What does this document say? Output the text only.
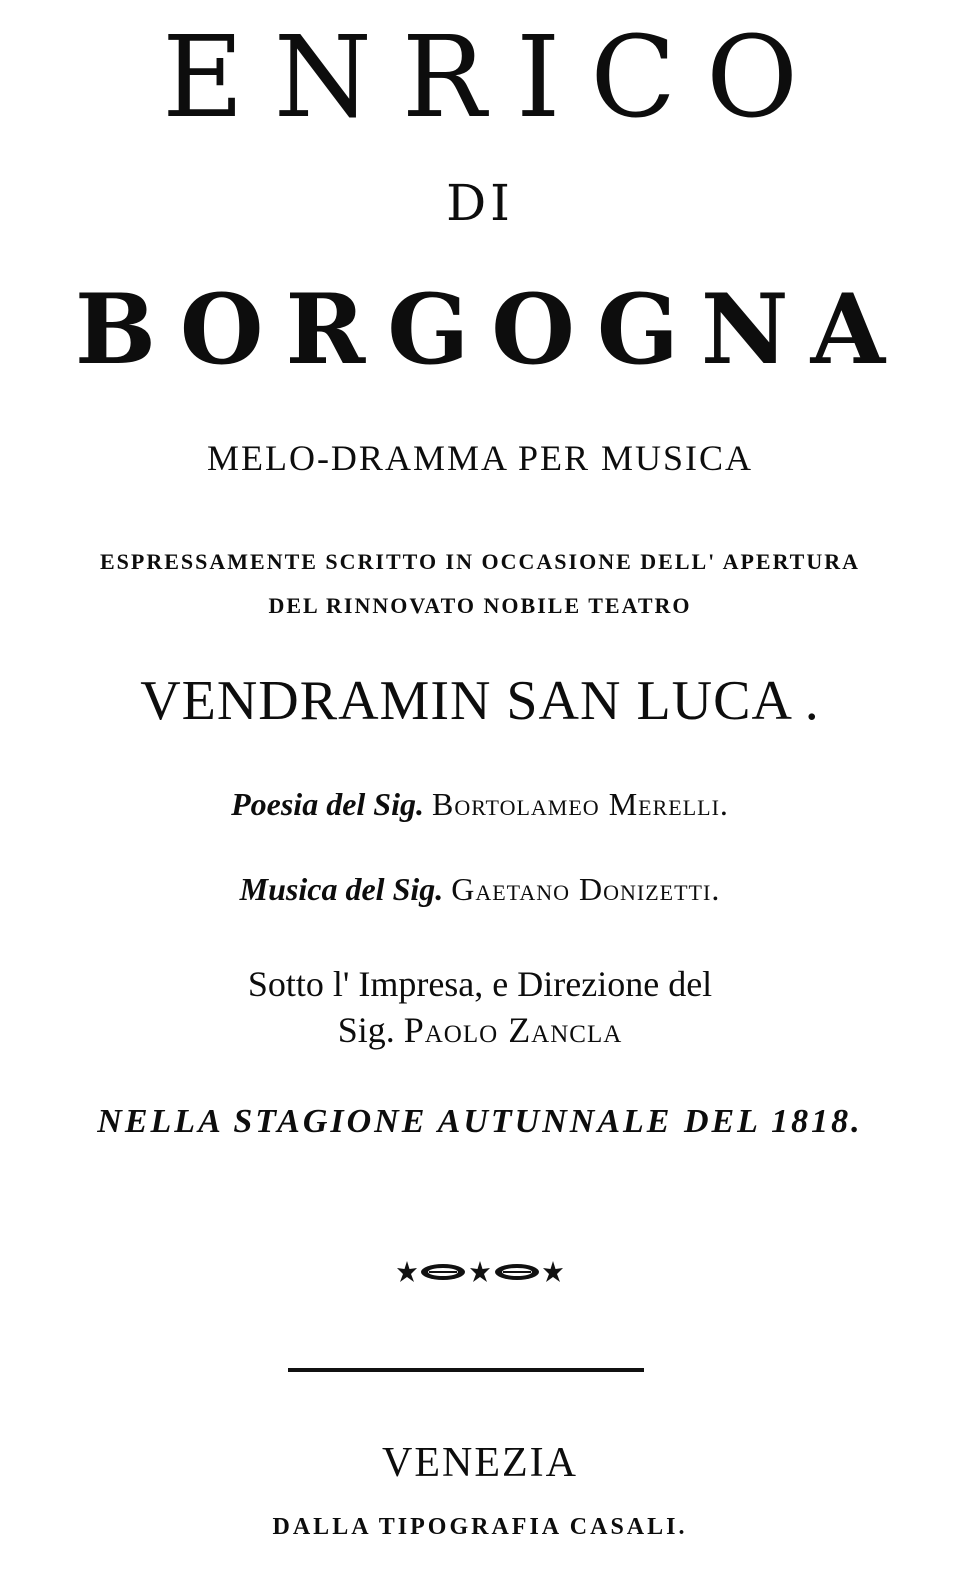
ENRICO
DI
BORGOGNA
MELO-DRAMMA PER MUSICA
ESPRESSAMENTE SCRITTO IN OCCASIONE DELL' APERTURA
DEL RINNOVATO NOBILE TEATRO
VENDRAMIN SAN LUCA .
Poesia del Sig. Bortolameo Merelli.
Musica del Sig. Gaetano Donizetti.
Sotto l' Impresa, e Direzione del
Sig. Paolo Zancla
NELLA STAGIONE AUTUNNALE DEL 1818.
VENEZIA
DALLA TIPOGRAFIA CASALI.
